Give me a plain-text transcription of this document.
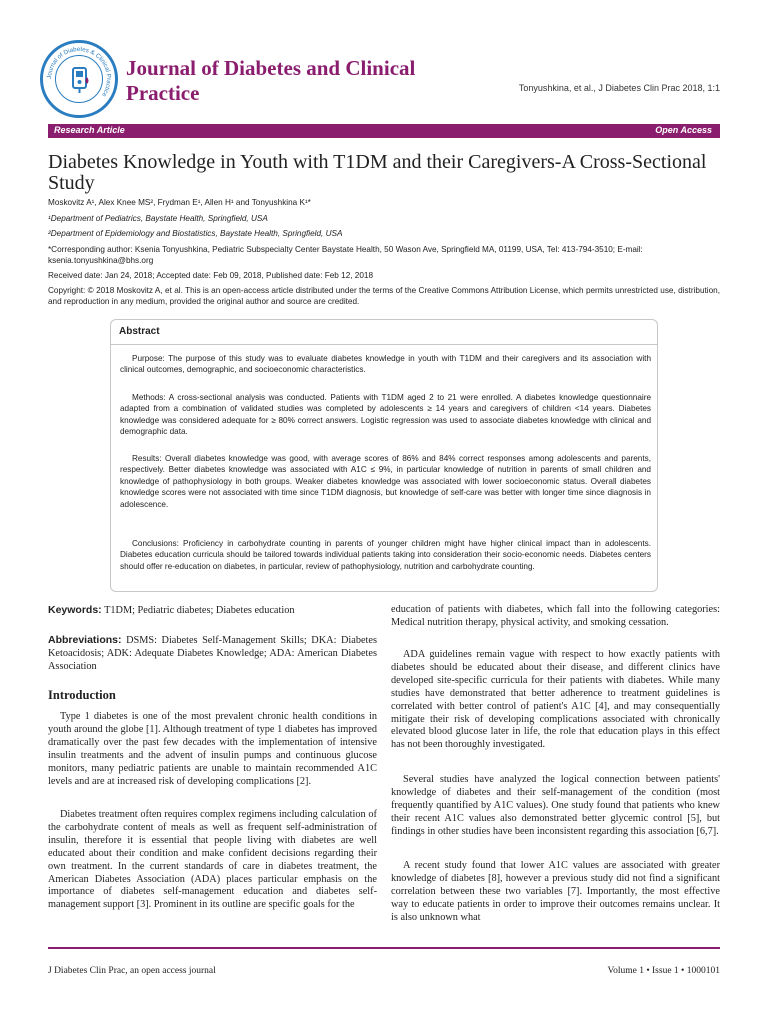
Journal of Diabetes & Clinical Practice
Journal of Diabetes and Clinical Practice	Tonyushkina, et al., J Diabetes Clin Prac 2018, 1:1
Research Article	Open Access
Diabetes Knowledge in Youth with T1DM and their Caregivers-A Cross-Sectional Study
Moskovitz A¹, Alex Knee MS², Frydman E¹, Allen H¹ and Tonyushkina K¹*
¹Department of Pediatrics, Baystate Health, Springfield, USA
²Department of Epidemiology and Biostatistics, Baystate Health, Springfield, USA
*Corresponding author: Ksenia Tonyushkina, Pediatric Subspecialty Center Baystate Health, 50 Wason Ave, Springfield MA, 01199, USA, Tel: 413-794-3510; E-mail: ksenia.tonyushkina@bhs.org
Received date: Jan 24, 2018; Accepted date: Feb 09, 2018, Published date: Feb 12, 2018
Copyright: © 2018 Moskovitz A, et al. This is an open-access article distributed under the terms of the Creative Commons Attribution License, which permits unrestricted use, distribution, and reproduction in any medium, provided the original author and source are credited.
Abstract
Purpose: The purpose of this study was to evaluate diabetes knowledge in youth with T1DM and their caregivers and its association with clinical outcomes, demographic, and socioeconomic characteristics.
Methods: A cross-sectional analysis was conducted. Patients with T1DM aged 2 to 21 were enrolled. A diabetes knowledge questionnaire adapted from a combination of validated studies was completed by adolescents ≥ 14 years and caregivers of children <14 years. Diabetes knowledge was considered adequate for ≥ 80% correct answers. Logistic regression was used to associate diabetes knowledge with clinical and demographic data.
Results: Overall diabetes knowledge was good, with average scores of 86% and 84% correct responses among adolescents and parents, respectively. Better diabetes knowledge was associated with A1C ≤ 9%, in particular knowledge of nutrition in parents of small children and knowledge of pathophysiology in both groups. Weaker diabetes knowledge was associated with lower socioeconomic status. Overall diabetes knowledge scores were not associated with time since T1DM diagnosis, but knowledge of self-care was better with longer time since diagnosis in adolescence.
Conclusions: Proficiency in carbohydrate counting in parents of younger children might have higher clinical impact than in adolescents. Diabetes education curricula should be tailored towards individual patients taking into consideration their socio-economic needs. Diabetes centers should offer re-education on diabetes, in particular, review of pathophysiology, nutrition and carbohydrate counting.
Keywords: T1DM; Pediatric diabetes; Diabetes education
Abbreviations: DSMS: Diabetes Self-Management Skills; DKA: Diabetes Ketoacidosis; ADK: Adequate Diabetes Knowledge; ADA: American Diabetes Association
Introduction
Type 1 diabetes is one of the most prevalent chronic health conditions in youth around the globe [1]. Although treatment of type 1 diabetes has improved dramatically over the past few decades with the implementation of intensive insulin treatments and the advent of insulin pumps and continuous glucose monitors, many pediatric patients are unable to maintain recommended A1C levels and are at increased risk of developing complications [2].
Diabetes treatment often requires complex regimens including calculation of the carbohydrate content of meals as well as frequent self-administration of insulin, therefore it is essential that people living with diabetes are well educated about their condition and make confident decisions regarding their own treatment. In the current standards of care in diabetes treatment, the American Diabetes Association (ADA) places particular emphasis on the importance of diabetes self-management education and diabetes self-management support [3]. Prominent in its outline are specific goals for the
education of patients with diabetes, which fall into the following categories: Medical nutrition therapy, physical activity, and smoking cessation.
ADA guidelines remain vague with respect to how exactly patients with diabetes should be educated about their disease, and different clinics have developed site-specific curricula for their patients with diabetes. While many studies have demonstrated that better adherence to treatment guidelines is correlated with better control of patient's A1C [4], and may consequentially mitigate their risk of developing complications associated with chronically elevated blood glucose later in life, the role that education plays in this effect has not been thoroughly investigated.
Several studies have analyzed the logical connection between patients' knowledge of diabetes and their self-management of the condition (most frequently quantified by A1C values). One study found that patients who knew their recent A1C values also demonstrated better glycemic control [5], but findings in other studies have been inconsistent regarding this association [6,7].
A recent study found that lower A1C values are associated with greater knowledge of diabetes [8], however a previous study did not find a significant correlation between these two variables [7]. Importantly, the most effective way to educate patients in order to improve their outcomes remains unclear. It is also unknown what
J Diabetes Clin Prac, an open access journal	Volume 1 • Issue 1 • 1000101
